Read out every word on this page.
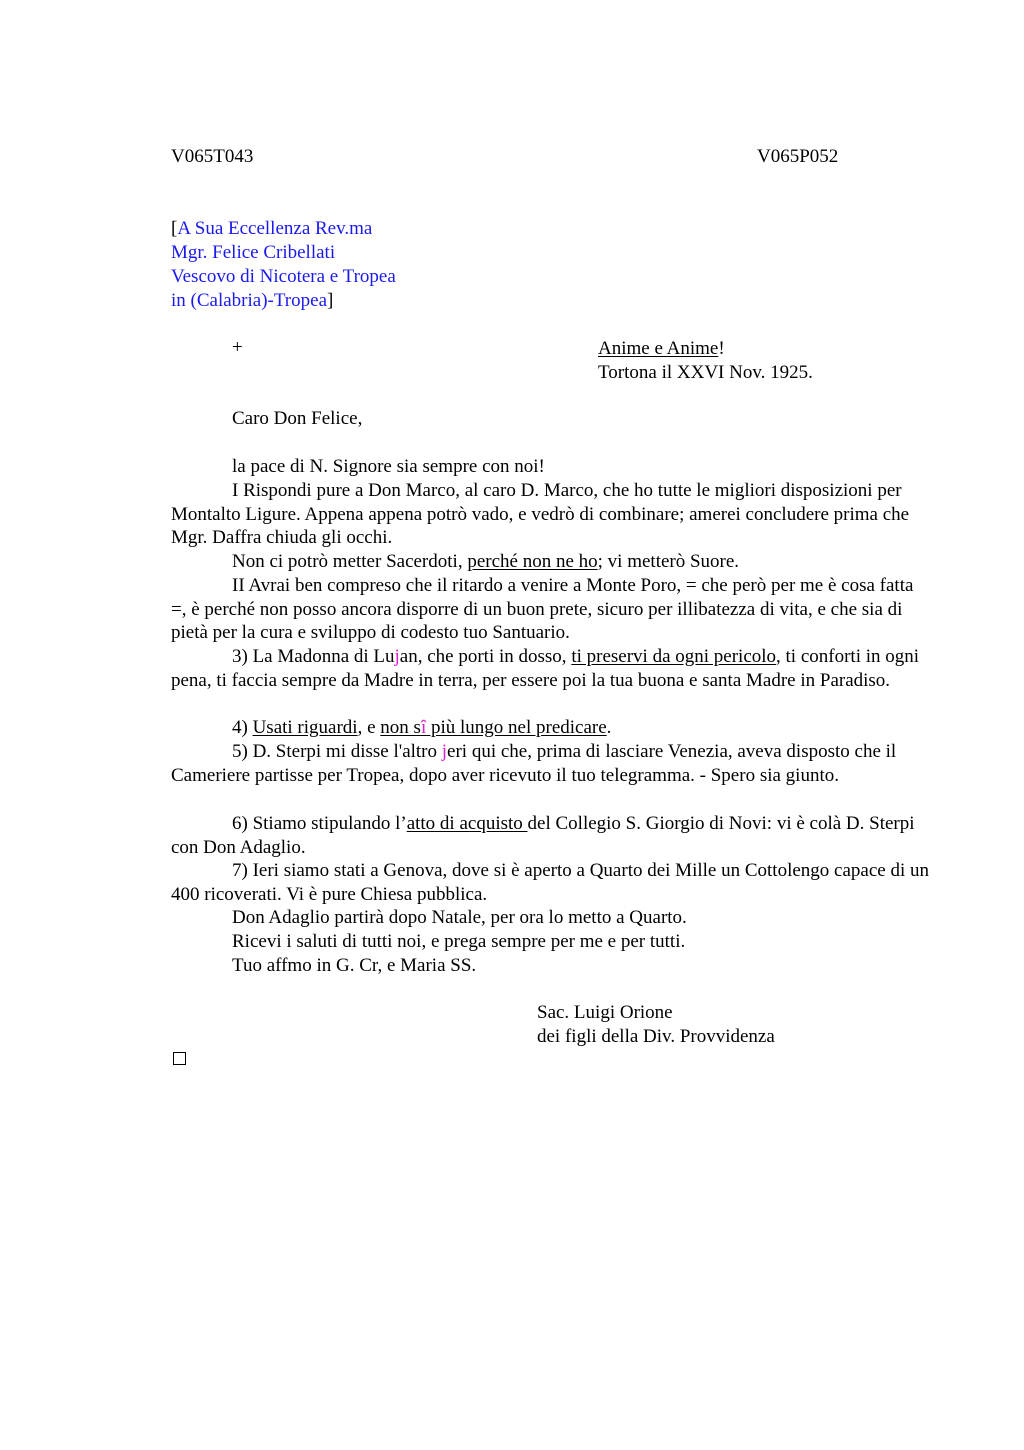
V065T043	V065P052
[A Sua Eccellenza Rev.ma
Mgr. Felice Cribellati
Vescovo di Nicotera e Tropea
in (Calabria)-Tropea]
+	Anime e Anime!
Tortona il XXVI Nov. 1925.
Caro Don Felice,
la pace di N. Signore sia sempre con noi!
I Rispondi pure a Don Marco, al caro D. Marco, che ho tutte le migliori disposizioni per Montalto Ligure. Appena appena potrò vado, e vedrò di combinare; amerei concludere prima che Mgr. Daffra chiuda gli occhi.
Non ci potrò metter Sacerdoti, perché non ne ho; vi metterò Suore.
II Avrai ben compreso che il ritardo a venire a Monte Poro, = che però per me è cosa fatta =, è perché non posso ancora disporre di un buon prete, sicuro per illibatezza di vita, e che sia di pietà per la cura e sviluppo di codesto tuo Santuario.
3) La Madonna di Lujan, che porti in dosso, ti preservi da ogni pericolo, ti conforti in ogni pena, ti faccia sempre da Madre in terra, per essere poi la tua buona e santa Madre in Paradiso.
4) Usati riguardi, e non sî più lungo nel predicare.
5) D. Sterpi mi disse l'altro jeri qui che, prima di lasciare Venezia, aveva disposto che il Cameriere partisse per Tropea, dopo aver ricevuto il tuo telegramma. - Spero sia giunto.
6) Stiamo stipulando l’atto di acquisto del Collegio S. Giorgio di Novi: vi è colà D. Sterpi con Don Adaglio.
7) Ieri siamo stati a Genova, dove si è aperto a Quarto dei Mille un Cottolengo capace di un 400 ricoverati. Vi è pure Chiesa pubblica.
Don Adaglio partirà dopo Natale, per ora lo metto a Quarto.
Ricevi i saluti di tutti noi, e prega sempre per me e per tutti.
Tuo affmo in G. Cr, e Maria SS.
Sac. Luigi Orione
dei figli della Div. Provvidenza
